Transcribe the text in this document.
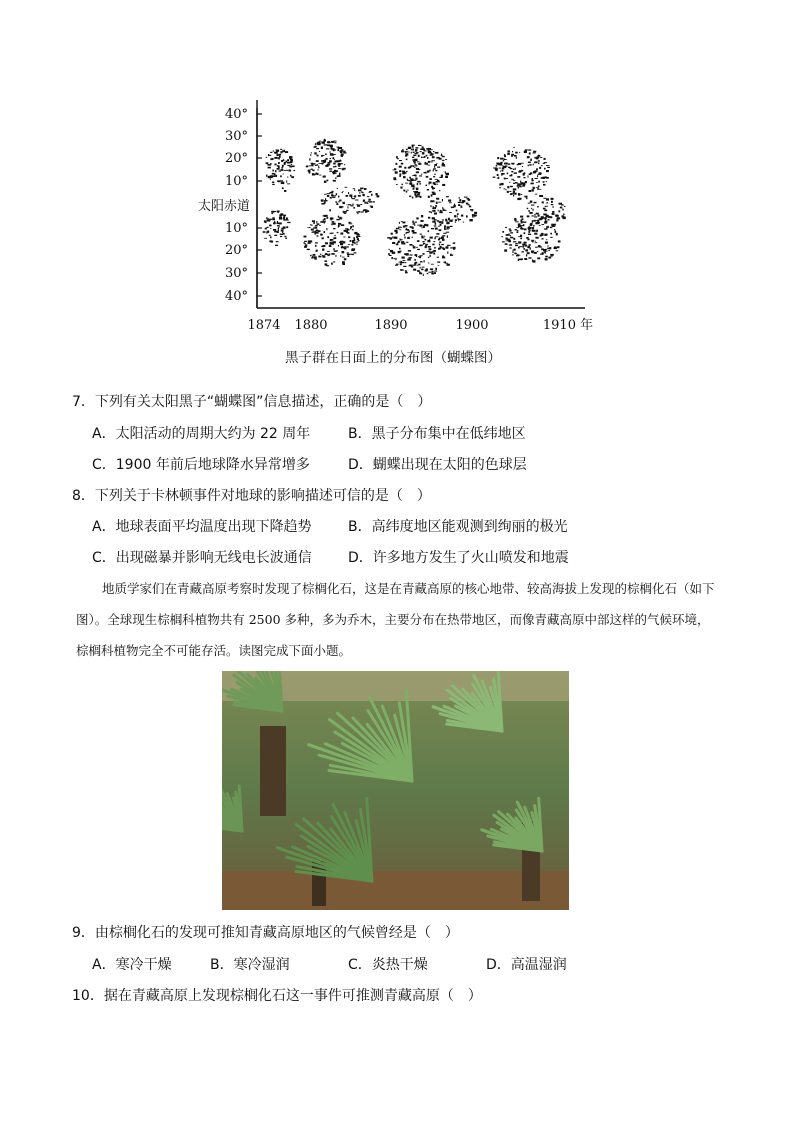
40°
30°
20°
10°
太阳赤道
10°
20°
30°
40°
1874 1880	1890	1900	1910 年
黑子群在日面上的分布图（蝴蝶图）
7．下列有关太阳黑子“蝴蝶图”信息描述，正确的是（　）
A．太阳活动的周期大约为 22 周年	B．黑子分布集中在低纬地区
C．1900 年前后地球降水异常增多	D．蝴蝶出现在太阳的色球层
8．下列关于卡林顿事件对地球的影响描述可信的是（　）
A．地球表面平均温度出现下降趋势	B．高纬度地区能观测到绚丽的极光
C．出现磁暴并影响无线电长波通信	D．许多地方发生了火山喷发和地震
地质学家们在青藏高原考察时发现了棕榈化石，这是在青藏高原的核心地带、较高海拔上发现的棕榈化石（如下图）。全球现生棕榈科植物共有 2500 多种，多为乔木，主要分布在热带地区，而像青藏高原中部这样的气候环境，棕榈科植物完全不可能存活。读图完成下面小题。
9．由棕榈化石的发现可推知青藏高原地区的气候曾经是（　）
A．寒冷干燥	B．寒冷湿润	C．炎热干燥	D．高温湿润
10．据在青藏高原上发现棕榈化石这一事件可推测青藏高原（　）
